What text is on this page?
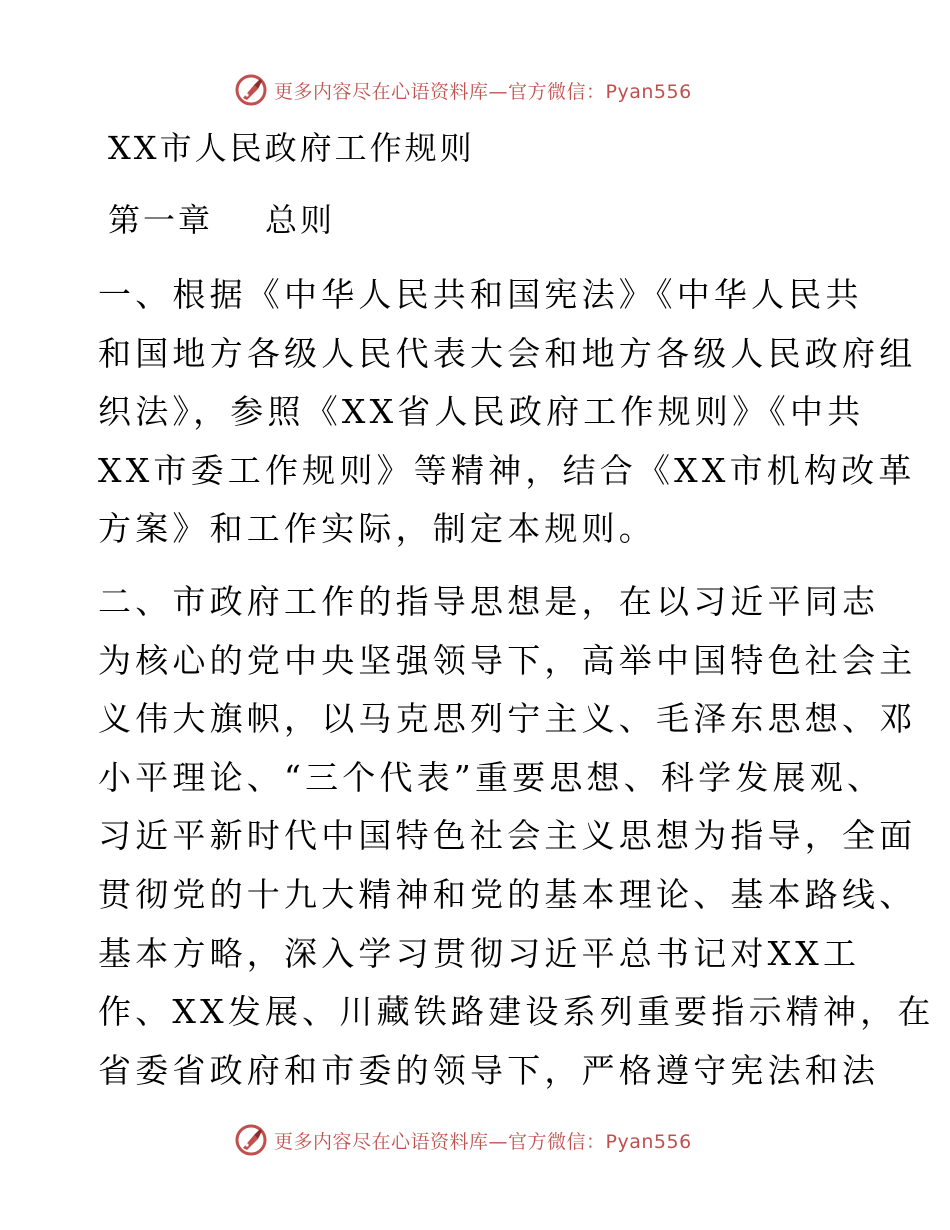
更多内容尽在心语资料库—官方微信：Pyan556
XX市人民政府工作规则
第一章 总则
一、根据《中华人民共和国宪法》《中华人民共
和国地方各级人民代表大会和地方各级人民政府组
织法》，参照《XX省人民政府工作规则》《中共
XX市委工作规则》等精神，结合《XX市机构改革
方案》和工作实际，制定本规则。
二、市政府工作的指导思想是，在以习近平同志
为核心的党中央坚强领导下，高举中国特色社会主
义伟大旗帜，以马克思列宁主义、毛泽东思想、邓
小平理论、“三个代表”重要思想、科学发展观、
习近平新时代中国特色社会主义思想为指导，全面
贯彻党的十九大精神和党的基本理论、基本路线、
基本方略，深入学习贯彻习近平总书记对XX工
作、XX发展、川藏铁路建设系列重要指示精神，在
省委省政府和市委的领导下，严格遵守宪法和法
更多内容尽在心语资料库—官方微信：Pyan556
